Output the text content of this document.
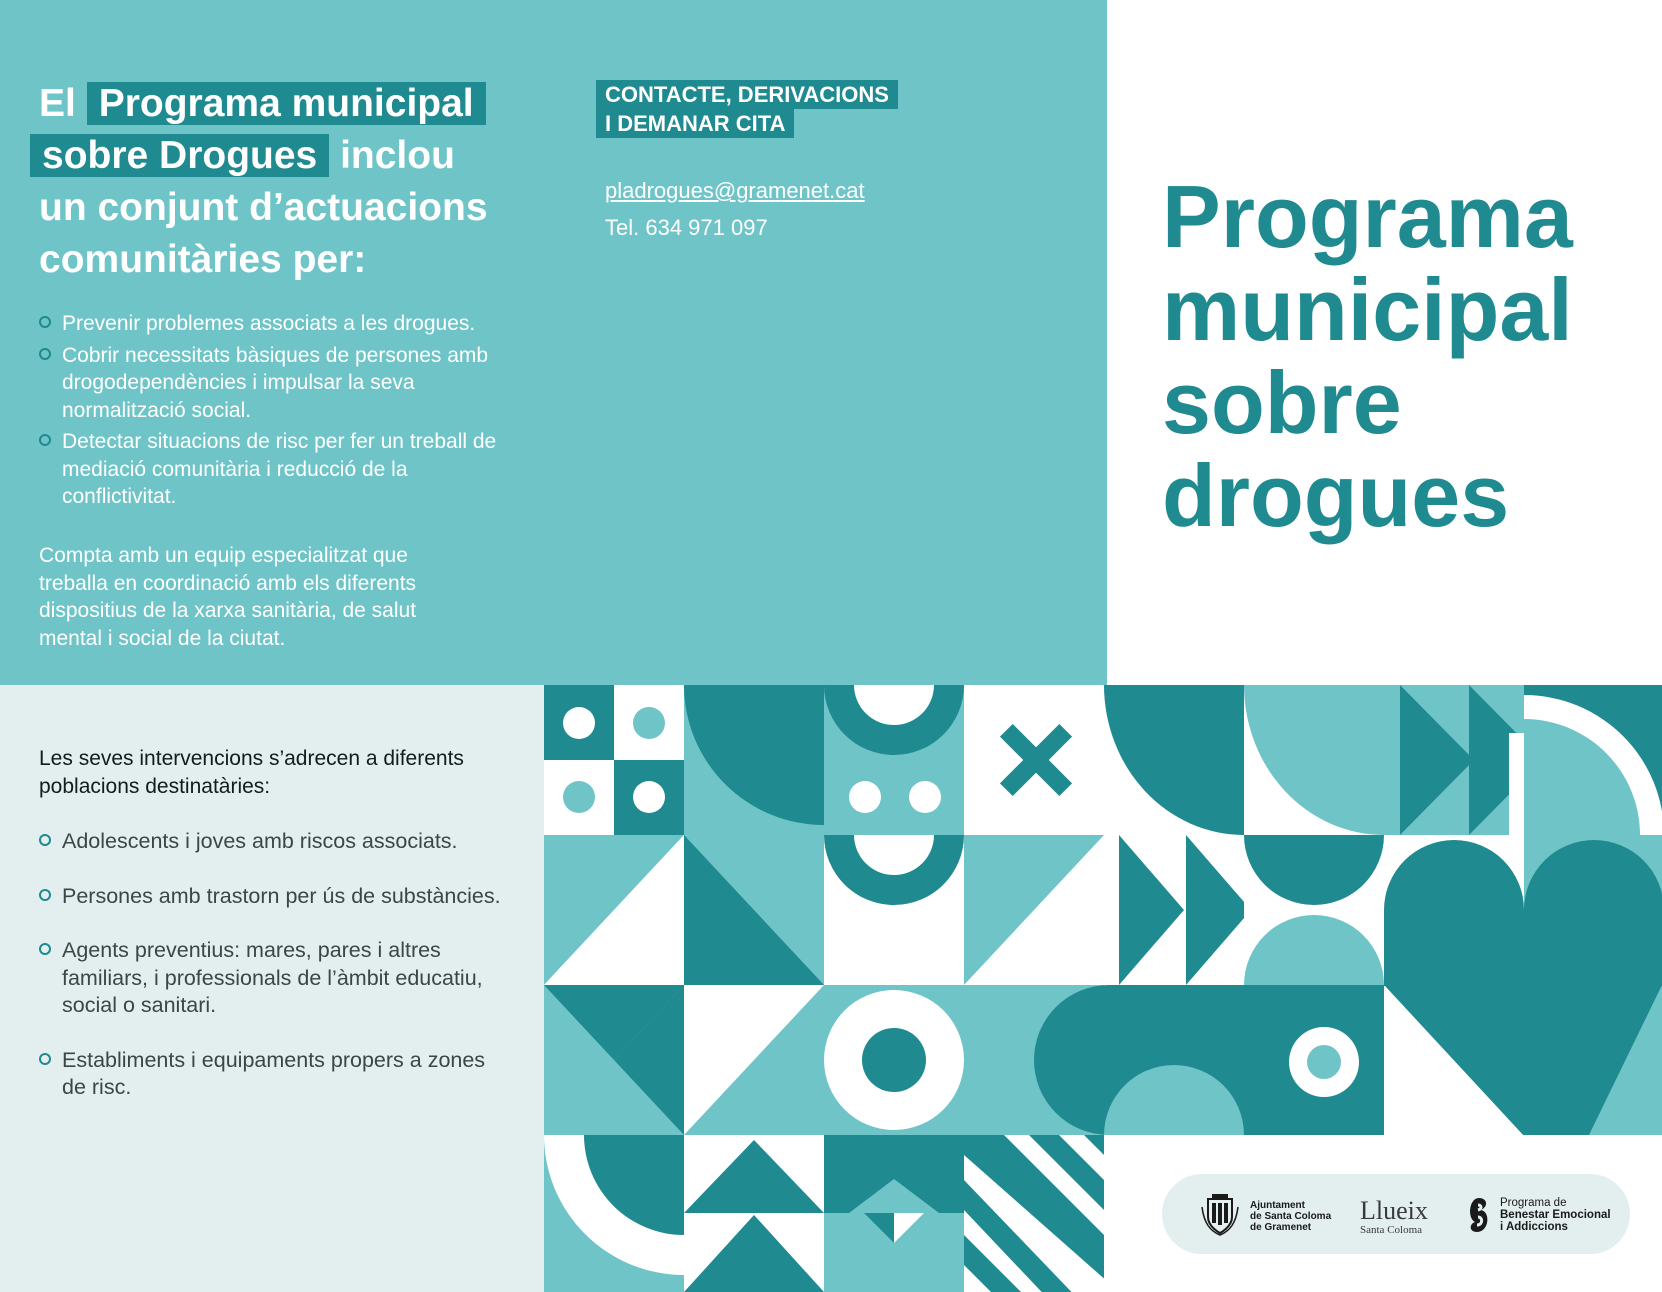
El Programa municipal
sobre Drogues inclou
un conjunt d’actuacions
comunitàries per:
Prevenir problemes associats a les drogues.
Cobrir necessitats bàsiques de persones amb drogodependències i impulsar la seva normalització social.
Detectar situacions de risc per fer un treball de mediació comunitària i reducció de la conflictivitat.

Compta amb un equip especialitzat que treballa en coordinació amb els diferents dispositius de la xarxa sanitària, de salut mental i social de la ciutat.

CONTACTE, DERIVACIONS
I DEMANAR CITA
pladrogues@gramenet.cat
Tel. 634 971 097	Programa
municipal
sobre
drogues

Les seves intervencions s’adrecen a diferents poblacions destinatàries:

Adolescents i joves amb riscos associats.
Persones amb trastorn per ús de substàncies.
Agents preventius: mares, pares i altres familiars, i professionals de l’àmbit educatiu, social o sanitari.
Establiments i equipaments propers a zones de risc.
Ajuntament
de Santa Coloma
de Gramenet
Llueix
Santa Coloma
Programa de
Benestar Emocional
i Addiccions
